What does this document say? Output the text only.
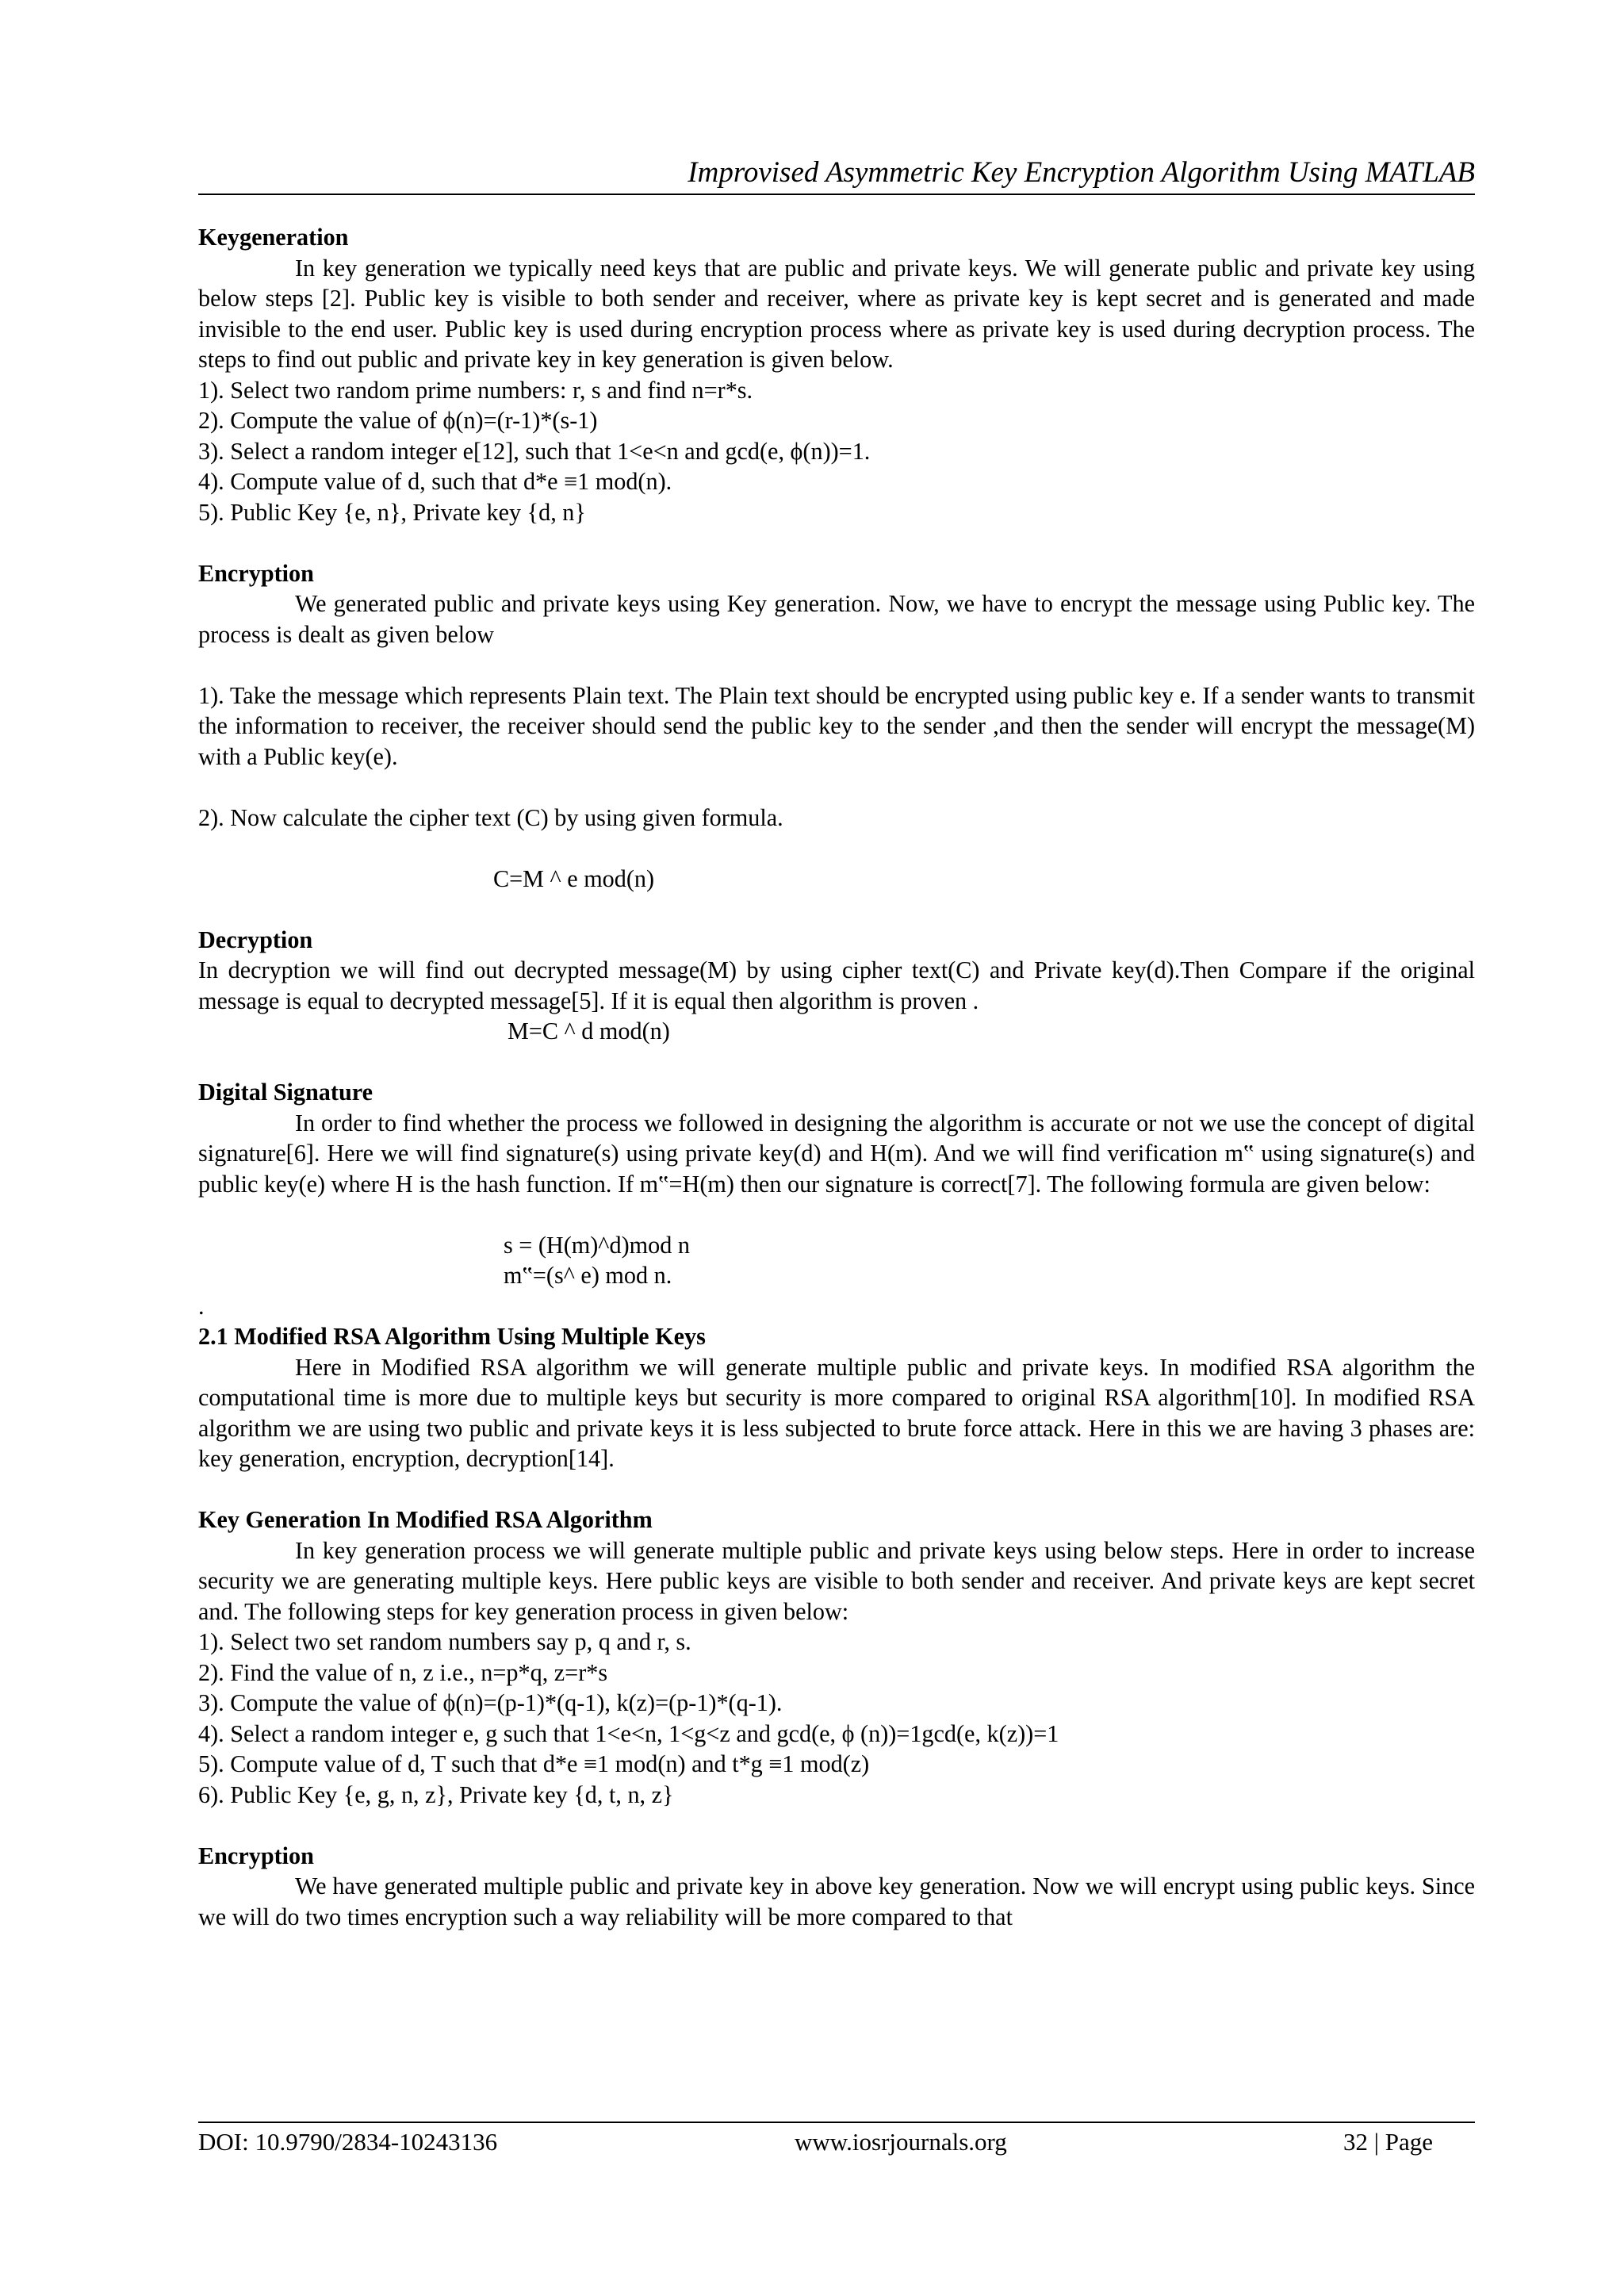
Improvised Asymmetric Key Encryption Algorithm Using MATLAB

Keygeneration

In key generation we typically need keys that are public and private keys. We will generate public and private key using below steps [2]. Public key is visible to both sender and receiver, where as private key is kept secret and is generated and made invisible to the end user. Public key is used during encryption process where as private key is used during decryption process. The steps to find out public and private key in key generation is given below.

1). Select two random prime numbers: r, s and find n=r*s.

2). Compute the value of ϕ(n)=(r-1)*(s-1)

3). Select a random integer e[12], such that 1<e<n and gcd(e, ϕ(n))=1.

4). Compute value of d, such that d*e ≡1 mod(n).

5). Public Key {e, n}, Private key {d, n}

Encryption

We generated public and private keys using Key generation. Now, we have to encrypt the message using Public key. The process is dealt as given below

1). Take the message which represents Plain text. The Plain text should be encrypted using public key e. If a sender wants to transmit the information to receiver, the receiver should send the public key to the sender ,and then the sender will encrypt the message(M) with a Public key(e).

2). Now calculate the cipher text (C) by using given formula.

C=M ^ e mod(n)

Decryption

In decryption we will find out decrypted message(M) by using cipher text(C) and Private key(d).Then Compare if the original message is equal to decrypted message[5]. If it is equal then algorithm is proven .

M=C ^ d mod(n)

Digital Signature

In order to find whether the process we followed in designing the algorithm is accurate or not we use the concept of digital signature[6]. Here we will find signature(s) using private key(d) and H(m). And we will find verification m‟ using signature(s) and public key(e) where H is the hash function. If m‟=H(m) then our signature is correct[7]. The following formula are given below:

s = (H(m)^d)mod n

m‟=(s^ e) mod n.

.

2.1 Modified RSA Algorithm Using Multiple Keys

Here in Modified RSA algorithm we will generate multiple public and private keys. In modified RSA algorithm the computational time is more due to multiple keys but security is more compared to original RSA algorithm[10]. In modified RSA algorithm we are using two public and private keys it is less subjected to brute force attack. Here in this we are having 3 phases are: key generation, encryption, decryption[14].

Key Generation In Modified RSA Algorithm

In key generation process we will generate multiple public and private keys using below steps. Here in order to increase security we are generating multiple keys. Here public keys are visible to both sender and receiver. And private keys are kept secret and. The following steps for key generation process in given below:

1). Select two set random numbers say p, q and r, s.

2). Find the value of n, z i.e., n=p*q, z=r*s

3). Compute the value of ϕ(n)=(p-1)*(q-1), k(z)=(p-1)*(q-1).

4). Select a random integer e, g such that 1<e<n, 1<g<z and gcd(e, ϕ (n))=1gcd(e, k(z))=1

5). Compute value of d, T such that d*e ≡1 mod(n) and t*g ≡1 mod(z)

6). Public Key {e, g, n, z}, Private key {d, t, n, z}

Encryption

We have generated multiple public and private key in above key generation. Now we will encrypt using public keys. Since we will do two times encryption such a way reliability will be more compared to that

DOI: 10.9790/2834-10243136	www.iosrjournals.org	32 | Page
